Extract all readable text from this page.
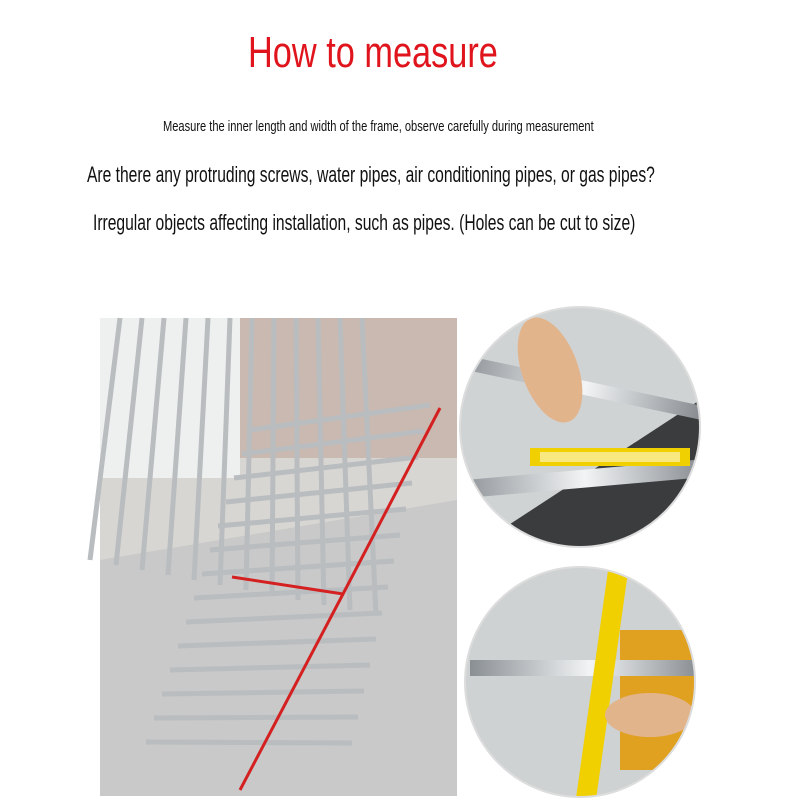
How to measure
Measure the inner length and width of the frame, observe carefully during measurement
Are there any protruding screws, water pipes, air conditioning pipes, or gas pipes?
Irregular objects affecting installation, such as pipes. (Holes can be cut to size)
